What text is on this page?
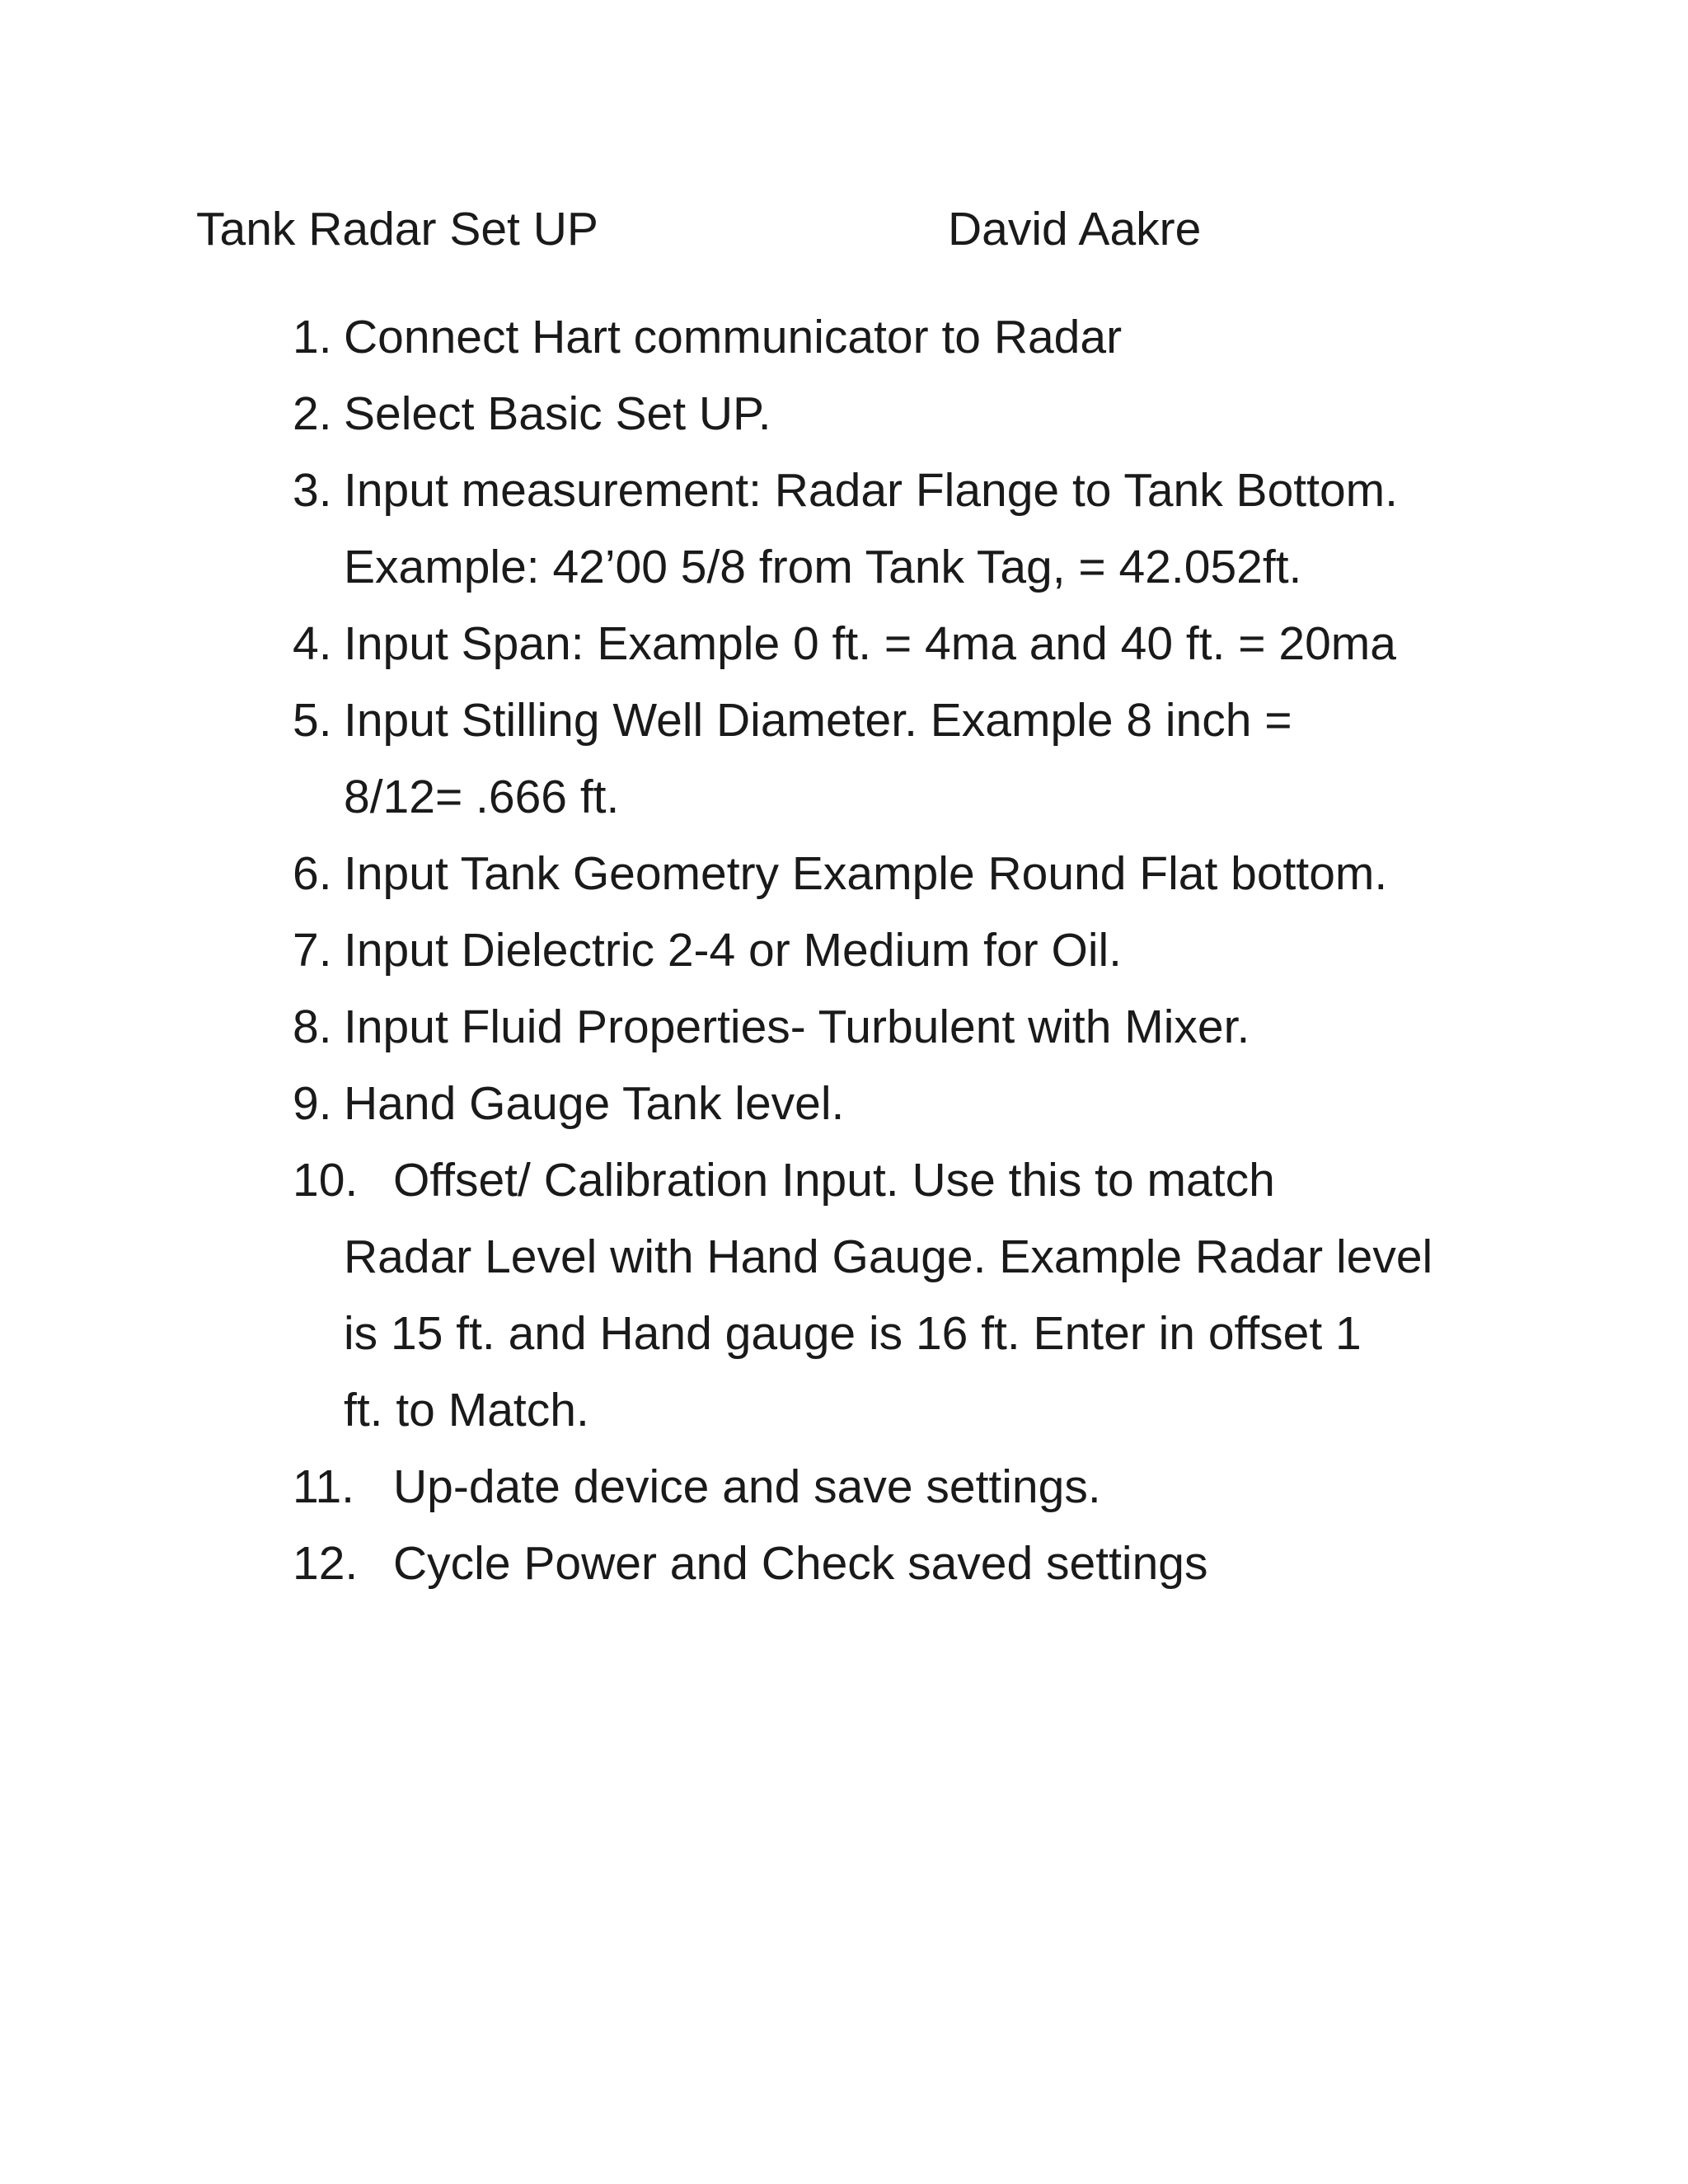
Tank Radar Set UP	David Aakre
1. Connect Hart communicator to Radar
2. Select Basic Set UP.
3. Input measurement: Radar Flange to Tank Bottom.
Example: 42’00 5/8 from Tank Tag, = 42.052ft.
4. Input Span: Example 0 ft. = 4ma and 40 ft. = 20ma
5. Input Stilling Well Diameter. Example 8 inch =
8/12= .666 ft.
6. Input Tank Geometry Example Round Flat bottom.
7. Input Dielectric 2-4 or Medium for Oil.
8. Input Fluid Properties- Turbulent with Mixer.
9. Hand Gauge Tank level.
10. Offset/ Calibration Input. Use this to match
Radar Level with Hand Gauge. Example Radar level
is 15 ft. and Hand gauge is 16 ft. Enter in offset 1
ft. to Match.
11. Up-date device and save settings.
12. Cycle Power and Check saved settings
